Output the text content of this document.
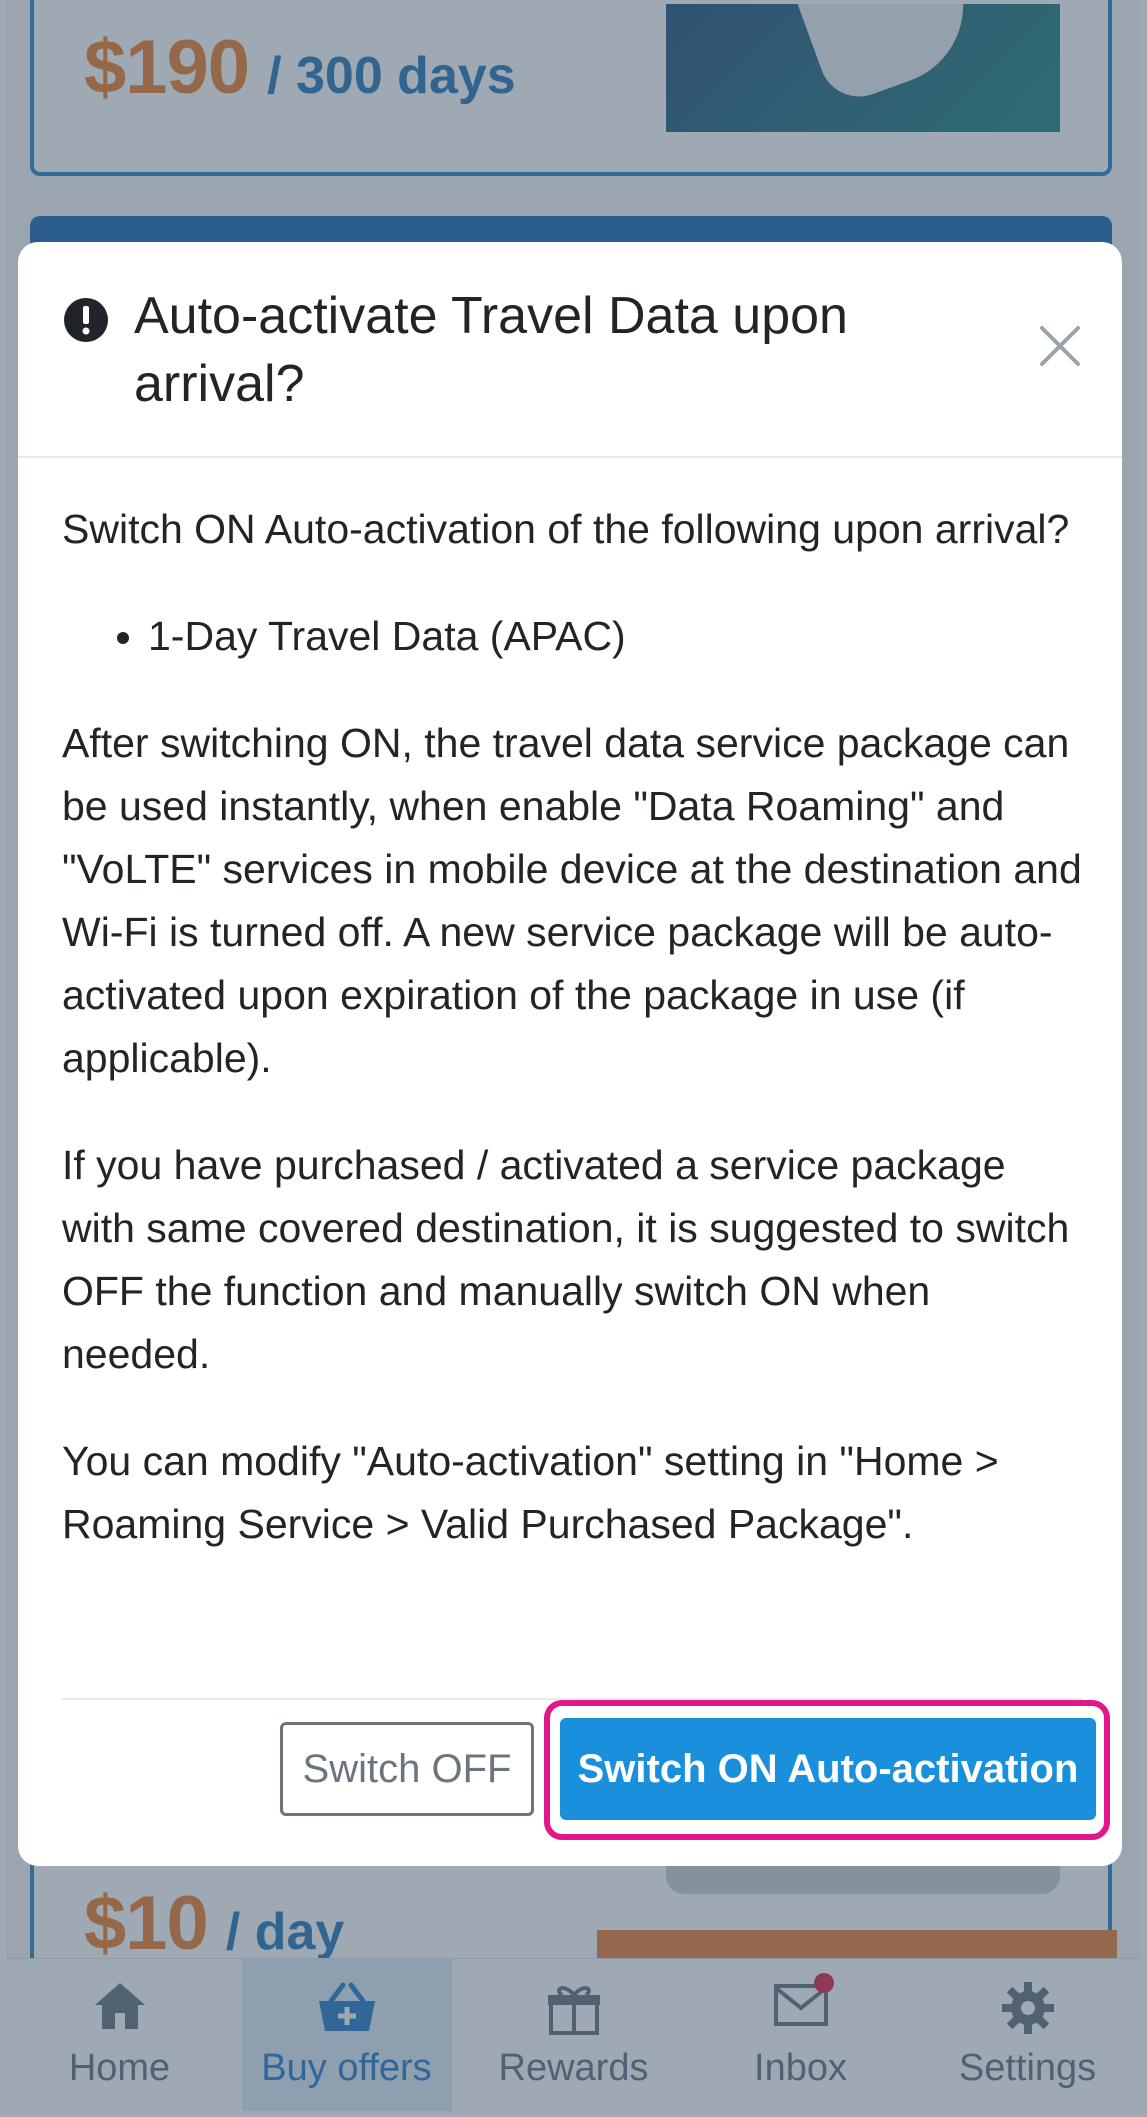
Auto-activate Travel Data upon arrival?

Switch ON Auto-activation of the following upon arrival?

• 1-Day Travel Data (APAC)

After switching ON, the travel data service package can be used instantly, when enable "Data Roaming" and "VoLTE" services in mobile device at the destination and Wi-Fi is turned off. A new service package will be auto-activated upon expiration of the package in use (if applicable).

If you have purchased / activated a service package with same covered destination, it is suggested to switch OFF the function and manually switch ON when needed.

You can modify "Auto-activation" setting in "Home > Roaming Service > Valid Purchased Package".

Switch OFF	Switch ON Auto-activation
